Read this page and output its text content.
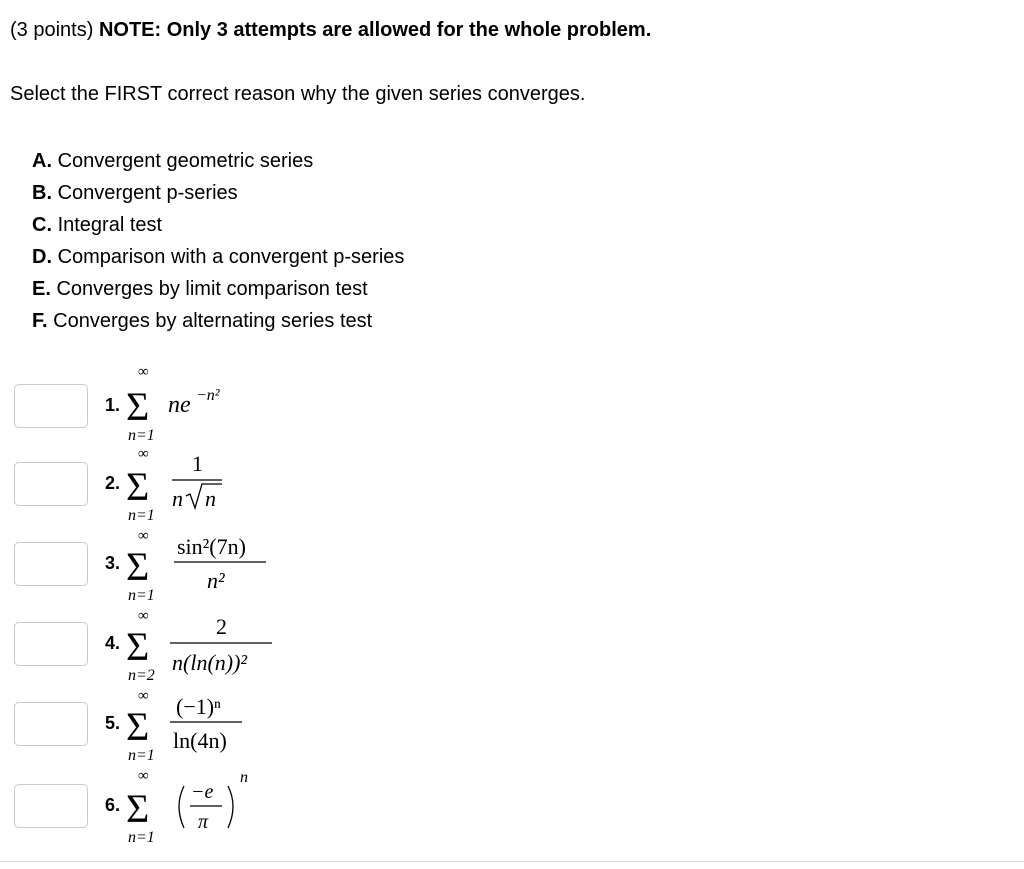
(3 points) NOTE: Only 3 attempts are allowed for the whole problem.
Select the FIRST correct reason why the given series converges.
A. Convergent geometric series
B. Convergent p-series
C. Integral test
D. Comparison with a convergent p-series
E. Converges by limit comparison test
F. Converges by alternating series test
1.
∞
Σ
n=1
ne −n²
2.
∞
Σ
n=1
1
n n
3.
∞
Σ
n=1
sin²(7n)
n²
4.
∞
Σ
n=2
2
n(ln(n))²
5.
∞
Σ
n=1
(−1)ⁿ
ln(4n)
6.
∞
Σ
n=1
−e
π
n
